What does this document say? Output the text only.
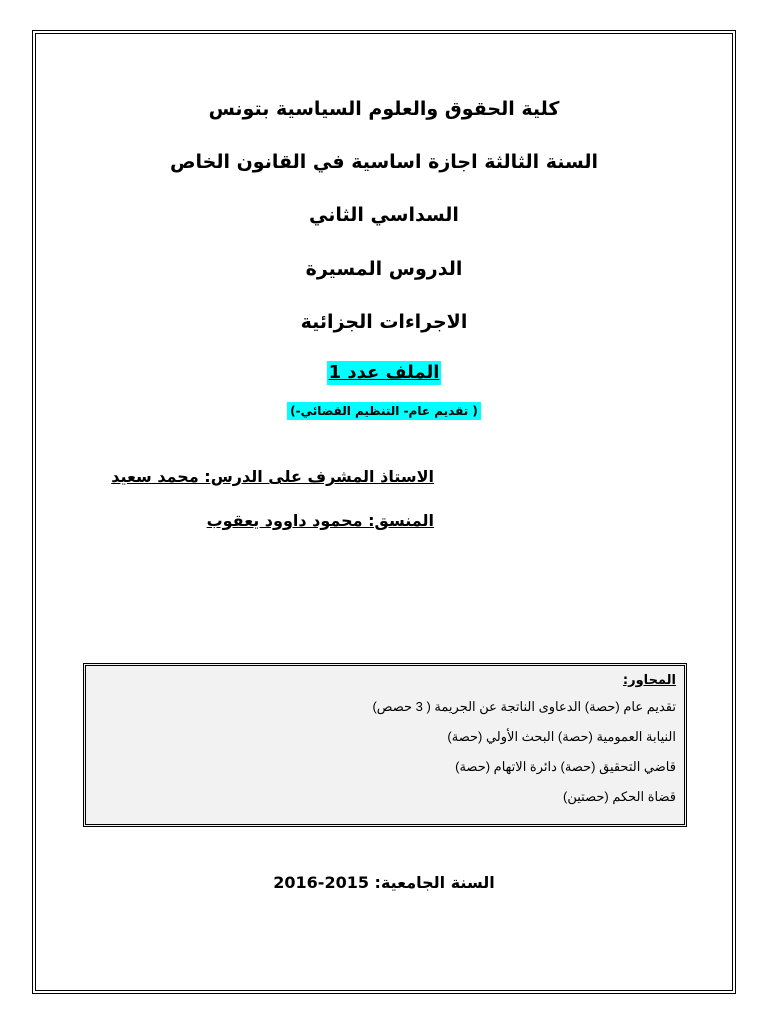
كلية الحقوق والعلوم السياسية بتونس
السنة الثالثة اجازة اساسية في القانون الخاص
السداسي الثاني
الدروس المسيرة
الاجراءات الجزائية
الملف عدد 1
( تقديم عام- التنظيم القضائي-)
الاستاذ المشرف على الدرس: محمد سعيد
المنسق: محمود داوود يعقوب
المحاور:
تقديم عام (حصة) الدعاوى الناتجة عن الجريمة ( 3 حصص)
النيابة العمومية (حصة) البحث الأولي (حصة)
قاضي التحقيق (حصة) دائرة الاتهام (حصة)
قضاة الحكم (حصتين)
السنة الجامعية: 2015-2016
